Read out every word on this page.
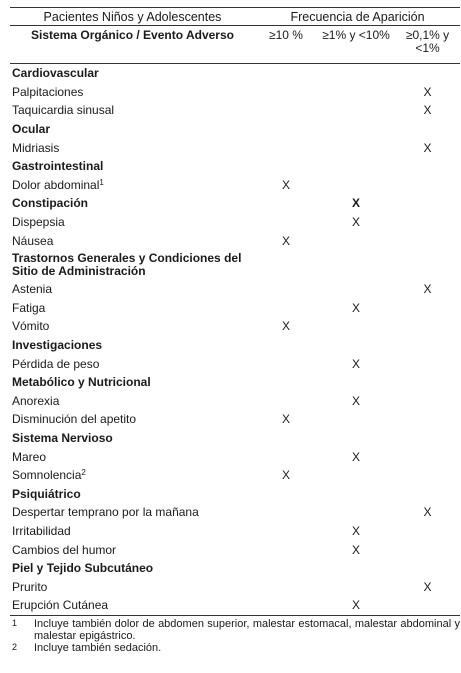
Pacientes Niños y Adolescentes	Frecuencia de Aparición		
Sistema Orgánico / Evento Adverso	≥10 %	≥1% y <10%	≥0,1% y <1%
Cardiovascular			
Palpitaciones			X
Taquicardia sinusal			X
Ocular			
Midriasis			X
Gastrointestinal			
Dolor abdominal$^1$	X		
Constipación		X	
Dispepsia		X	
Náusea	X		
Trastornos Generales y Condiciones del Sitio de Administración			
Astenia			X
Fatiga		X	
Vómito	X		
Investigaciones			
Pérdida de peso		X	
Metabólico y Nutricional			
Anorexia		X	
Disminución del apetito	X		
Sistema Nervioso			
Mareo		X	
Somnolencia$^2$	X		
Psiquiátrico			
Despertar temprano por la mañana			X
Irritabilidad		X	
Cambios del humor		X	
Piel y Tejido Subcutáneo			
Prurito			X
Erupción Cutánea		X	
1	Incluye también dolor de abdomen superior, malestar estomacal, malestar abdominal y malestar epigástrico.
2	Incluye también sedación.
